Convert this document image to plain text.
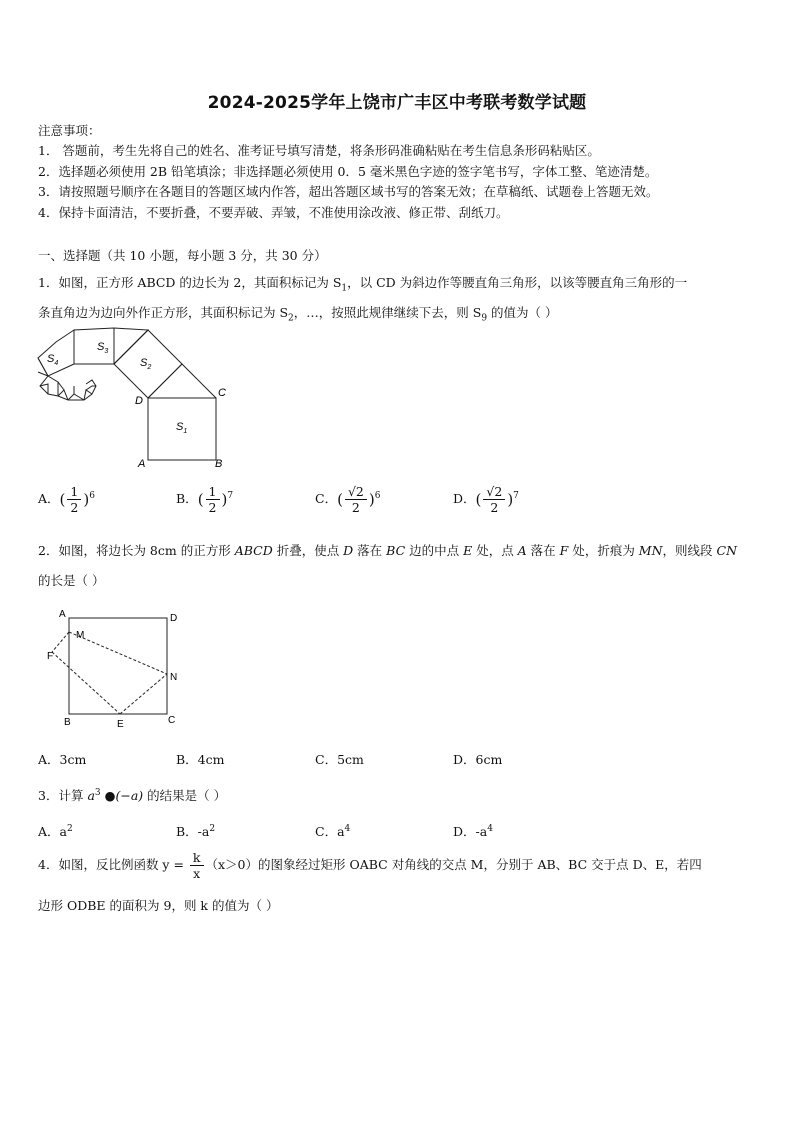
2024-2025学年上饶市广丰区中考联考数学试题
注意事项：
1． 答题前，考生先将自己的姓名、准考证号填写清楚，将条形码准确粘贴在考生信息条形码粘贴区。
2．选择题必须使用 2B 铅笔填涂；非选择题必须使用 0．5 毫米黑色字迹的签字笔书写，字体工整、笔迹清楚。
3．请按照题号顺序在各题目的答题区域内作答，超出答题区域书写的答案无效；在草稿纸、试题卷上答题无效。
4．保持卡面清洁，不要折叠，不要弄破、弄皱，不准使用涂改液、修正带、刮纸刀。
一、选择题（共 10 小题，每小题 3 分，共 30 分）
1．如图，正方形 ABCD 的边长为 2，其面积标记为 $S_1$，以 CD 为斜边作等腰直角三角形，以该等腰直角三角形的一
条直角边为边向外作正方形，其面积标记为 $S_2$，…，按照此规律继续下去，则 $S_9$ 的值为（ ）
$S_3$
$S_2$
$S_4$
$S_1$
D
C
A	B
A．( $\frac{1}{2} )^6$	B．( $\frac{1}{2} )^7$	C．( $\frac{√2}{2} )^6$	D．( $\frac{√2}{2} )^7$
2．如图，将边长为 8cm 的正方形 ABCD 折叠，使点 D 落在 BC 边的中点 E 处，点 A 落在 F 处，折痕为 MN，则线段 CN
的长是（ ）
A	D
M
F
N
B	E	C
A．3cm	B．4cm	C．5cm	D．6cm
3．计算 $a^3$ ●(−a) 的结果是（ ）
A．$a^2$	B．$-a^2$	C．$a^4$	D．$-a^4$
4．如图，反比例函数 $y = \frac{k}{x} (x>0)$的图象经过矩形 OABC 对角线的交点 M，分别于 AB、BC 交于点 D、E，若四
边形 ODBE 的面积为 9，则 k 的值为（ ）
